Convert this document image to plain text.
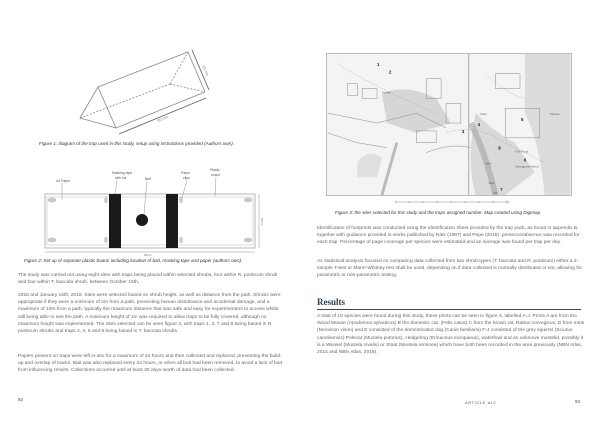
90 cm
20 cm
Figure 1: diagram of the trap used in this study, setup using instructions provided (Authors own).
A4 Paper
Masking tape
with ink	Bait
Paper
clips
Plastic
board
90cm
20cm
Figure 2: Set up of separate plastic board, including location of bait, masking tape and paper (authors own).

The study was carried out using eight sites with traps being placed within selected shrubs, four within R. ponticum shrub and four within T. baccata shrub, between October 16th,

2018 and January 16th, 2019. Sites were selected based on shrub height, as well as distance from the path. Shrubs were appropriate if they were a minimum of 2m from a path, preventing human disturbance and accidental damage, and a maximum of 10m from a path, typically the maximum distance that was safe and easy for experimenters to access whilst still being able to see the path. A minimum height of 1m was required to allow traps to be fully covered, although no maximum height was implemented. The sites selected can be seen figure 3, with traps 1, 3, 7 and 8 being based in R. ponticum shrubs and traps 2, 4, 5 and 6 being based in T. baccata shrubs.

Papers present on traps were left in-situ for a maximum of 24 hours and then collected and replaced, preventing the build-up and overlap of tracks. Bait was also replaced every 24 hours, or when all bait had been removed, to avoid a lack of bait from influencing results. Collections occurred until at least 30 days-worth of data had been collected.

92
1
2
3
4
5
6
7
8
Tunnel
Park
Fish Pond
Springpond Wood
Weir
Weir
FB
Hanwel
Figure 3: the sites selected for this study and the traps assigned number. Map created using Digimap.

Identification of footprints was conducted using the identification sheet provided by the trap pack, as found in appendix B, together with guidance provided in works published by Ratz (1997) and Pepe (2018). presence/absence was recorded for each trap. Percentage of page coverage per species were estimated and an average was found per trap per day.

As statistical analysis focused on comparing data collected from two shrub types (T. baccata and R. ponticum) either a 2-sample T-test or Mann-Whitney test shall be used, depending on if data collected is normally distributed or not, allowing for parametric or non-parametric testing.

Results

A total of 10 species were found during this study, these prints can be seen in figure 4, labelled A-J. Prints A are from the Wood Mouse (Apodemus sylvaticus) B the domestic cat, (Felis catus) C from the brown rat, Rattus norvegicus, D from mink (Neovison vison) and E consisted of the domesticated dog (Canis familiaris) F-J consisted of the grey squirrel (Sciurus carolinensis) Polecat (Mustela putorius), Hedgehog (Erinaceus europaeus), waterfowl and an unknown mustelid, possibly it is a Weasel (Mustela nivalis) or Stoat (Mustela erminea) which have both been recorded in the area previously (NBN Atlas, 2014 and NBN Atlas, 2016).

ARTICLE #12	93
